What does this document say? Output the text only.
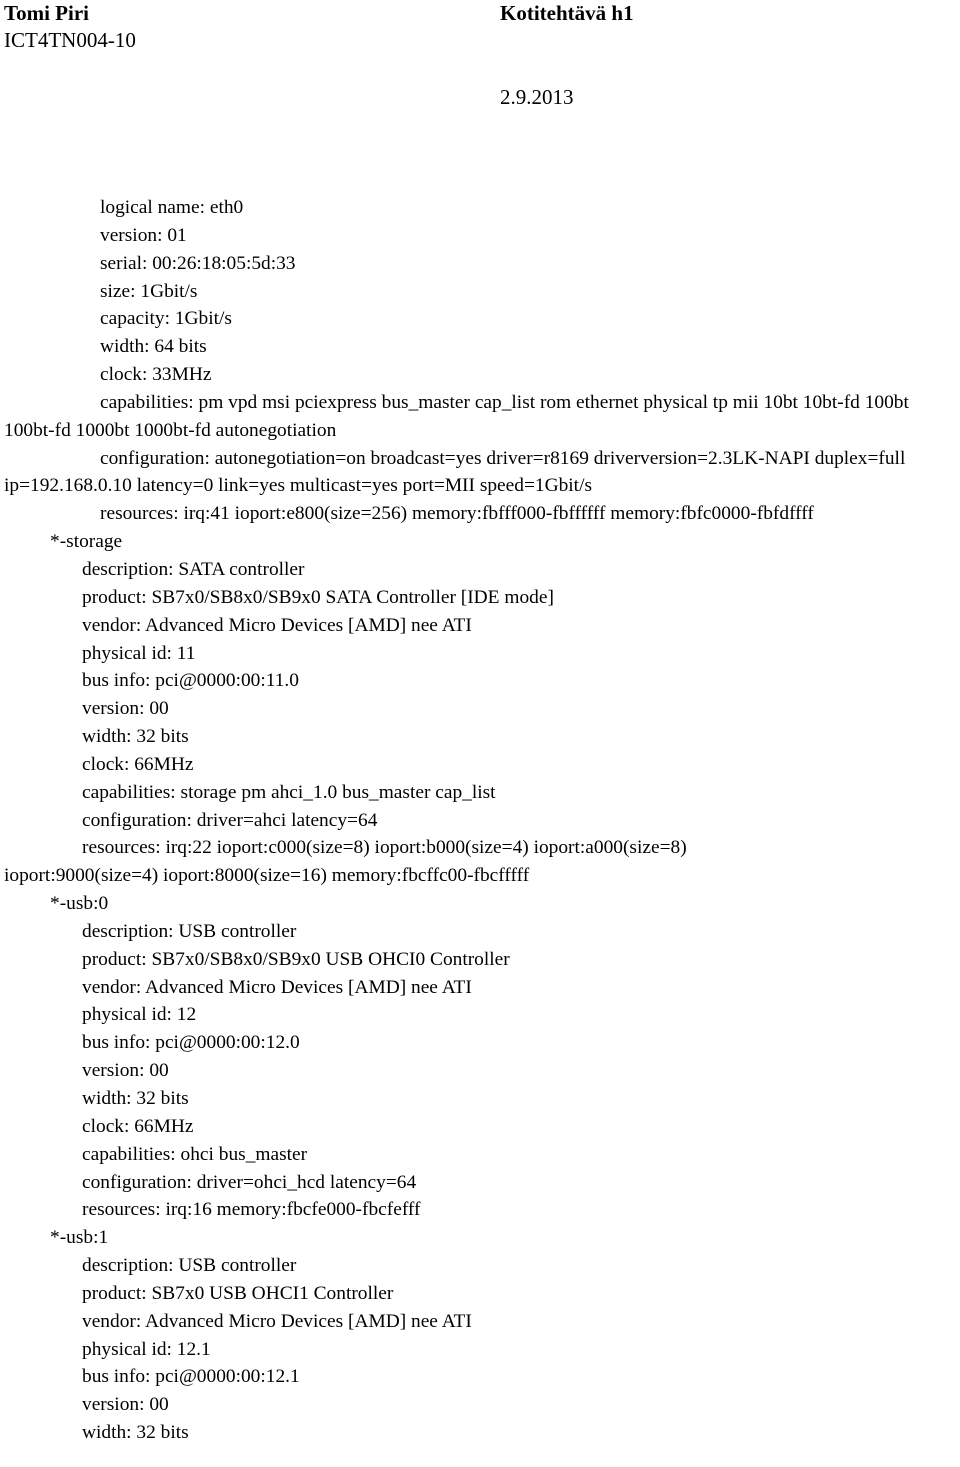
Tomi Piri
ICT4TN004-10
Kotitehtävä h1
2.9.2013
logical name: eth0
version: 01
serial: 00:26:18:05:5d:33
size: 1Gbit/s
capacity: 1Gbit/s
width: 64 bits
clock: 33MHz
capabilities: pm vpd msi pciexpress bus_master cap_list rom ethernet physical tp mii 10bt 10bt-fd 100bt 100bt-fd 1000bt 1000bt-fd autonegotiation
configuration: autonegotiation=on broadcast=yes driver=r8169 driverversion=2.3LK-NAPI duplex=full ip=192.168.0.10 latency=0 link=yes multicast=yes port=MII speed=1Gbit/s
resources: irq:41 ioport:e800(size=256) memory:fbfff000-fbffffff memory:fbfc0000-fbfdffff
*-storage
description: SATA controller
product: SB7x0/SB8x0/SB9x0 SATA Controller [IDE mode]
vendor: Advanced Micro Devices [AMD] nee ATI
physical id: 11
bus info: pci@0000:00:11.0
version: 00
width: 32 bits
clock: 66MHz
capabilities: storage pm ahci_1.0 bus_master cap_list
configuration: driver=ahci latency=64
resources: irq:22 ioport:c000(size=8) ioport:b000(size=4) ioport:a000(size=8)
ioport:9000(size=4) ioport:8000(size=16) memory:fbcffc00-fbcfffff
*-usb:0
description: USB controller
product: SB7x0/SB8x0/SB9x0 USB OHCI0 Controller
vendor: Advanced Micro Devices [AMD] nee ATI
physical id: 12
bus info: pci@0000:00:12.0
version: 00
width: 32 bits
clock: 66MHz
capabilities: ohci bus_master
configuration: driver=ohci_hcd latency=64
resources: irq:16 memory:fbcfe000-fbcfefff
*-usb:1
description: USB controller
product: SB7x0 USB OHCI1 Controller
vendor: Advanced Micro Devices [AMD] nee ATI
physical id: 12.1
bus info: pci@0000:00:12.1
version: 00
width: 32 bits
